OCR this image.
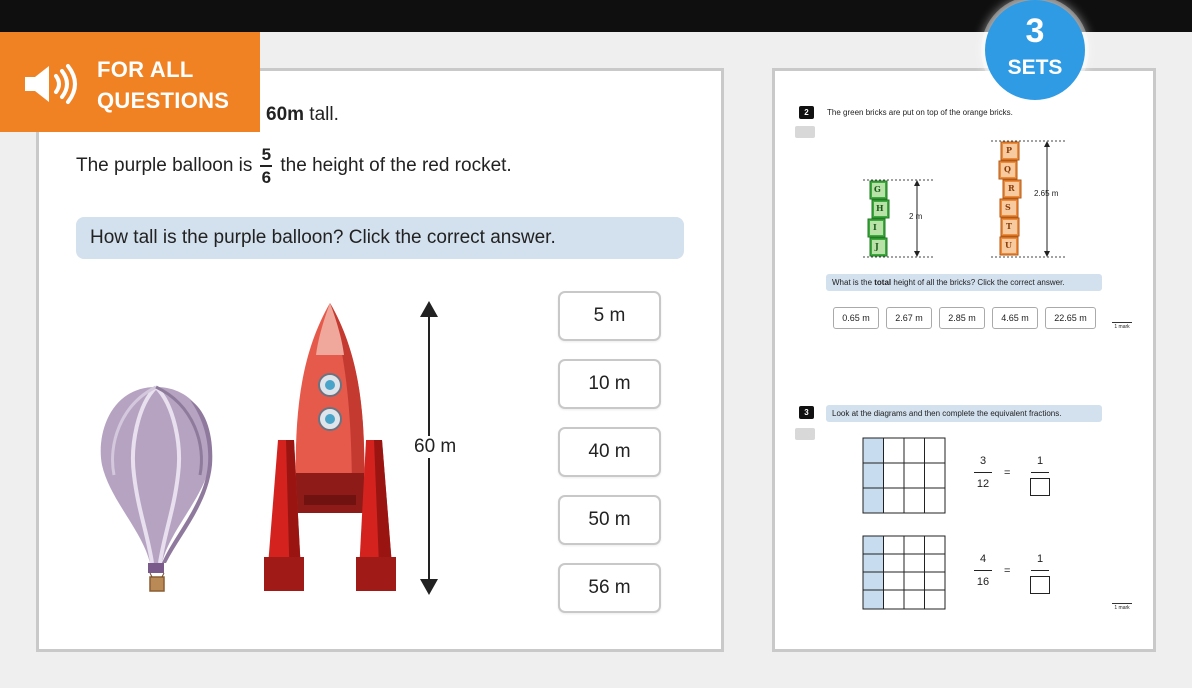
FOR ALL
QUESTIONS
3
SETS
60m tall.
The purple balloon is $\frac{5}{6}$ the height of the red rocket.
How tall is the purple balloon? Click the correct answer.
60 m
5 m
10 m
40 m
50 m
56 m
2	The green bricks are put on top of the orange bricks.
G
H
I
J
P
Q
R
S
T
U
2 m
2.65 m
What is the total height of all the bricks? Click the correct answer.
0.65 m	2.67 m	2.85 m	4.65 m	22.65 m
1 mark
3	Look at the diagrams and then complete the equivalent fractions.
3
12
=
1
4
16
=
1
1 mark
